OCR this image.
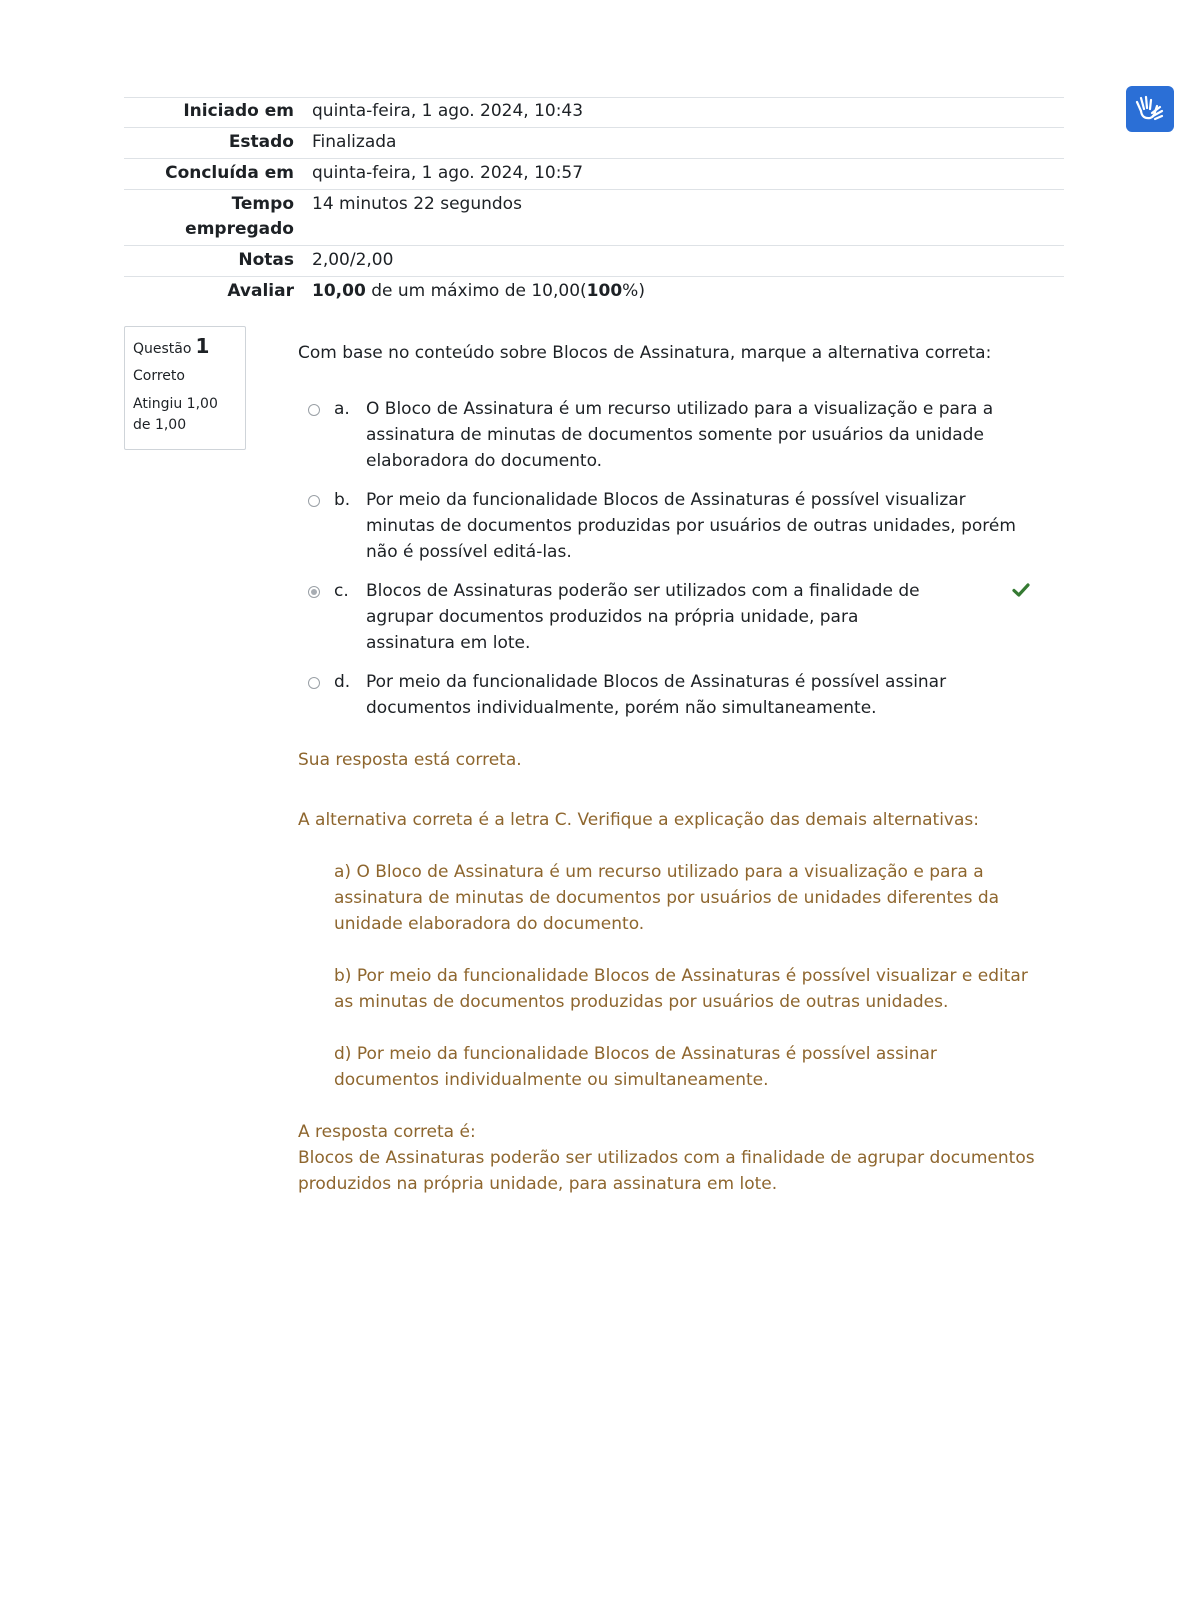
Iniciado em	quinta-feira, 1 ago. 2024, 10:43
Estado	Finalizada
Concluída em	quinta-feira, 1 ago. 2024, 10:57
Tempo empregado	14 minutos 22 segundos
Notas	2,00/2,00
Avaliar	10,00 de um máximo de 10,00(100%)
Questão 1
Correto
Atingiu 1,00 de 1,00
Com base no conteúdo sobre Blocos de Assinatura, marque a alternativa correta:
a. O Bloco de Assinatura é um recurso utilizado para a visualização e para a assinatura de minutas de documentos somente por usuários da unidade elaboradora do documento.
b. Por meio da funcionalidade Blocos de Assinaturas é possível visualizar minutas de documentos produzidas por usuários de outras unidades, porém não é possível editá-las.
c.	Blocos de Assinaturas poderão ser utilizados com a finalidade de agrupar documentos produzidos na própria unidade, para assinatura em lote.
d. Por meio da funcionalidade Blocos de Assinaturas é possível assinar documentos individualmente, porém não simultaneamente.

Sua resposta está correta.

A alternativa correta é a letra C. Verifique a explicação das demais alternativas:

a) O Bloco de Assinatura é um recurso utilizado para a visualização e para a assinatura de minutas de documentos por usuários de unidades diferentes da unidade elaboradora do documento.

b) Por meio da funcionalidade Blocos de Assinaturas é possível visualizar e editar as minutas de documentos produzidas por usuários de outras unidades.

d) Por meio da funcionalidade Blocos de Assinaturas é possível assinar documentos individualmente ou simultaneamente.

A resposta correta é:

Blocos de Assinaturas poderão ser utilizados com a finalidade de agrupar documentos produzidos na própria unidade, para assinatura em lote.
